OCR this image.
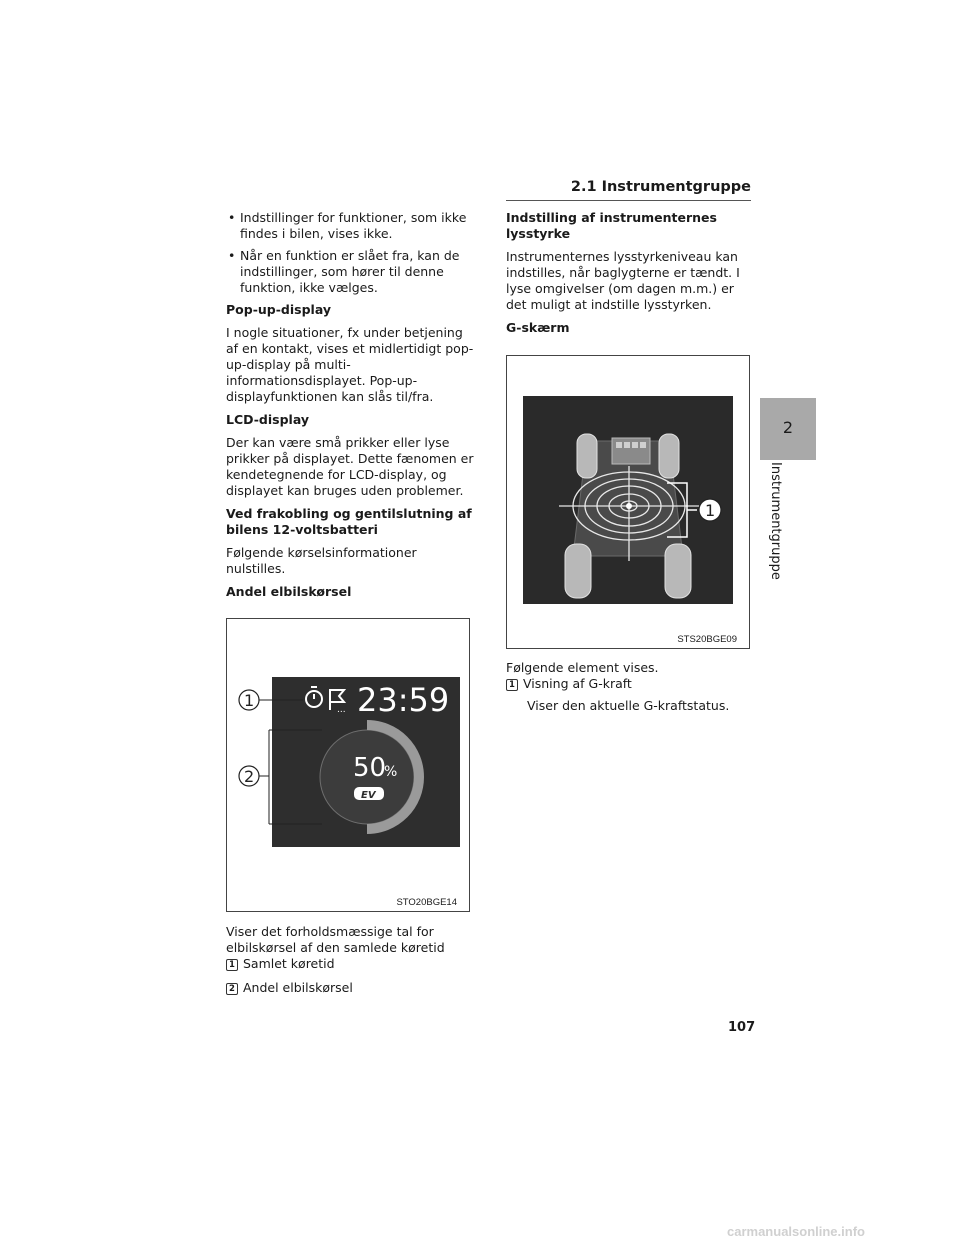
2.1 Instrumentgruppe
2
Instrumentgruppe
• Indstillinger for funktioner, som ikke findes i bilen, vises ikke.
• Når en funktion er slået fra, kan de indstillinger, som hører til denne funktion, ikke vælges.
Pop-up-display
I nogle situationer, fx under betjening af en kontakt, vises et midlertidigt pop-up-display på multi-informationsdisplayet. Pop-up-displayfunktionen kan slås til/fra.
LCD-display
Der kan være små prikker eller lyse prikker på displayet. Dette fænomen er kendetegnende for LCD-display, og displayet kan bruges uden problemer.
Ved frakobling og gentilslutning af bilens 12-voltsbatteri
Følgende kørselsinformationer nulstilles.
Andel elbilskørsel
... 23:59
50
%
EV
1
2
STO20BGE14
Viser det forholdsmæssige tal for elbilskørsel af den samlede køretid
1 Samlet køretid
2 Andel elbilskørsel
Indstilling af instrumenternes lysstyrke
Instrumenternes lysstyrkeniveau kan indstilles, når baglygterne er tændt. I lyse omgivelser (om dagen m.m.) er det muligt at indstille lysstyrken.
G-skærm
1
STS20BGE09
Følgende element vises.
1 Visning af G-kraft
Viser den aktuelle G-kraftstatus.
107
carmanualsonline.info
